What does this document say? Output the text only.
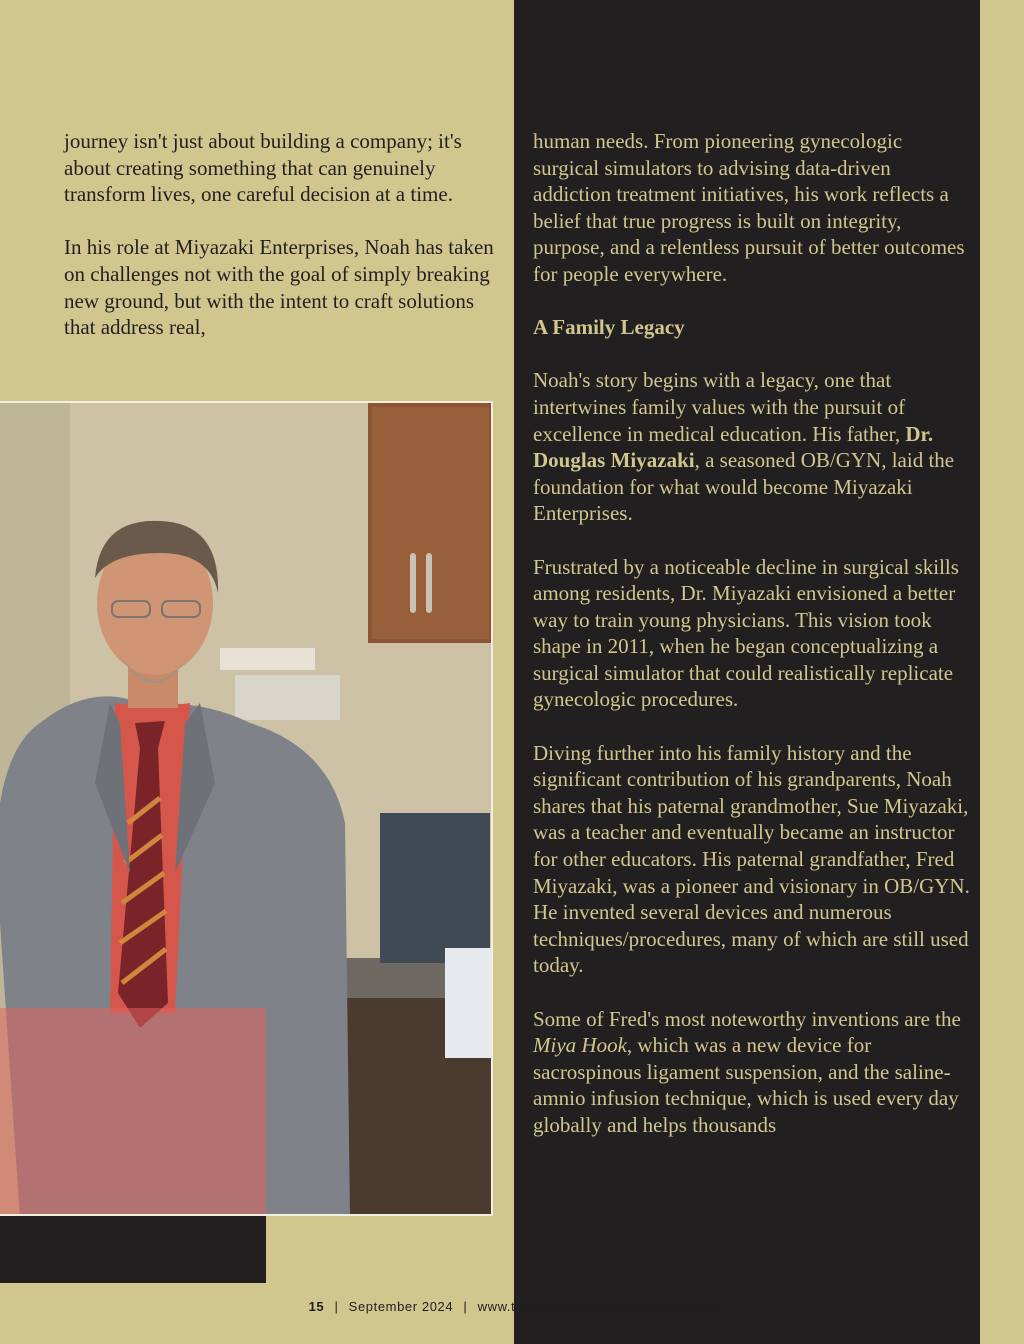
journey isn't just about building a company; it's about creating something that can genuinely transform lives, one careful decision at a time.

In his role at Miyazaki Enterprises, Noah has taken on challenges not with the goal of simply breaking new ground, but with the intent to craft solutions that address real,

human needs. From pioneering gynecologic surgical simulators to advising data-driven addiction treatment initiatives, his work reflects a belief that true progress is built on integrity, purpose, and a relentless pursuit of better outcomes for people everywhere.

A Family Legacy

Noah's story begins with a legacy, one that intertwines family values with the pursuit of excellence in medical education. His father, Dr. Douglas Miyazaki, a seasoned OB/GYN, laid the foundation for what would become Miyazaki Enterprises.

Frustrated by a noticeable decline in surgical skills among residents, Dr. Miyazaki envisioned a better way to train young physicians. This vision took shape in 2011, when he began conceptualizing a surgical simulator that could realistically replicate gynecologic procedures.

Diving further into his family history and the significant contribution of his grandparents, Noah shares that his paternal grandmother, Sue Miyazaki, was a teacher and eventually became an instructor for other educators. His paternal grandfather, Fred Miyazaki, was a pioneer and visionary in OB/GYN. He invented several devices and numerous techniques/procedures, many of which are still used today.

Some of Fred's most noteworthy inventions are the Miya Hook, which was a new device for sacrospinous ligament suspension, and the saline-amnio infusion technique, which is used every day globally and helps thousands

15 | September 2024 | www.theentrepreneurialchronicle.com
